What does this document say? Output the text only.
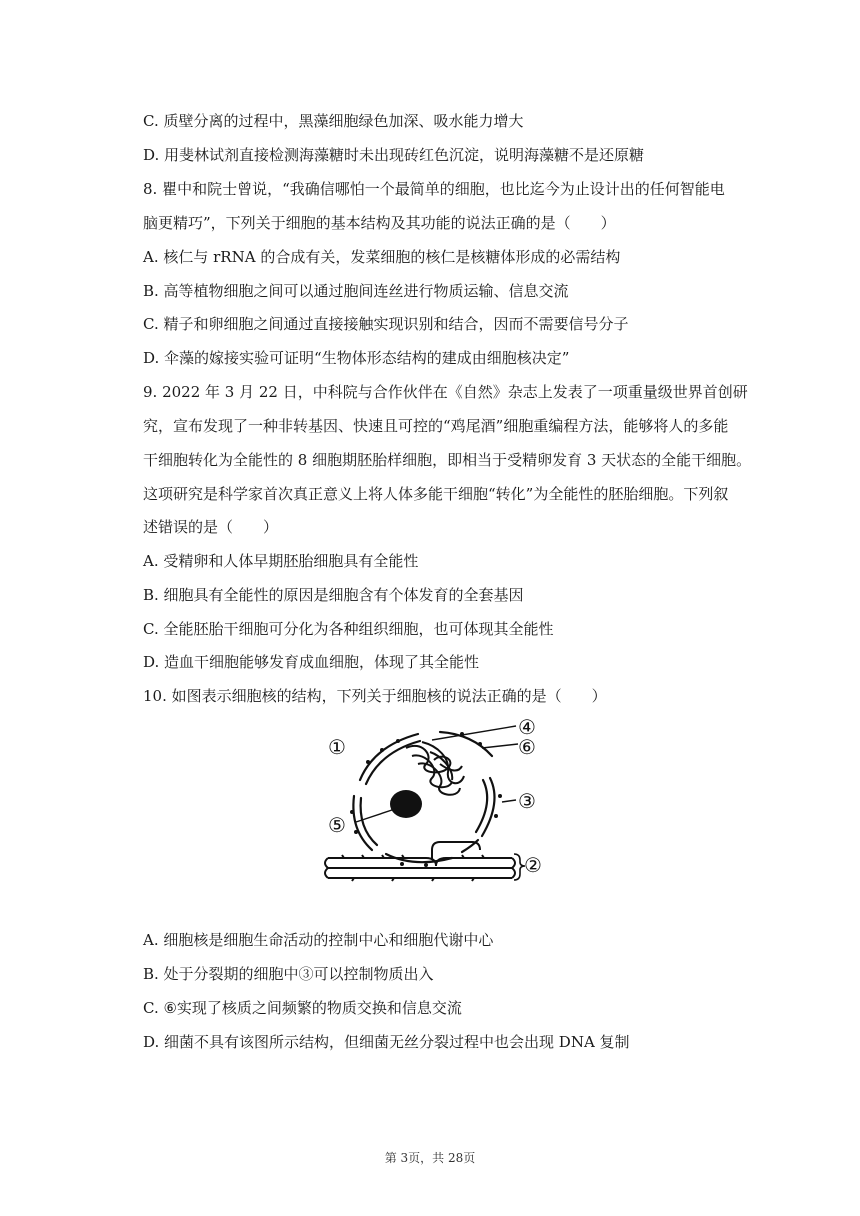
C. 质壁分离的过程中，黑藻细胞绿色加深、吸水能力增大
D. 用斐林试剂直接检测海藻糖时未出现砖红色沉淀，说明海藻糖不是还原糖
8. 瞿中和院士曾说，“我确信哪怕一个最简单的细胞，也比迄今为止设计出的任何智能电
脑更精巧”，下列关于细胞的基本结构及其功能的说法正确的是（　　）
A. 核仁与 rRNA 的合成有关，发菜细胞的核仁是核糖体形成的必需结构
B. 高等植物细胞之间可以通过胞间连丝进行物质运输、信息交流
C. 精子和卵细胞之间通过直接接触实现识别和结合，因而不需要信号分子
D. 伞藻的嫁接实验可证明“生物体形态结构的建成由细胞核决定”
9. 2022 年 3 月 22 日，中科院与合作伙伴在《自然》杂志上发表了一项重量级世界首创研
究，宣布发现了一种非转基因、快速且可控的“鸡尾酒”细胞重编程方法，能够将人的多能
干细胞转化为全能性的 8 细胞期胚胎样细胞，即相当于受精卵发育 3 天状态的全能干细胞。
这项研究是科学家首次真正意义上将人体多能干细胞“转化”为全能性的胚胎细胞。下列叙
述错误的是（　　）
A. 受精卵和人体早期胚胎细胞具有全能性
B. 细胞具有全能性的原因是细胞含有个体发育的全套基因
C. 全能胚胎干细胞可分化为各种组织细胞，也可体现其全能性
D. 造血干细胞能够发育成血细胞，体现了其全能性
10. 如图表示细胞核的结构，下列关于细胞核的说法正确的是（　　）
①
②
③
④
⑤
⑥
A. 细胞核是细胞生命活动的控制中心和细胞代谢中心
B. 处于分裂期的细胞中③可以控制物质出入
C. ⑥实现了核质之间频繁的物质交换和信息交流
D. 细菌不具有该图所示结构，但细菌无丝分裂过程中也会出现 DNA 复制
第 3页，共 28页
